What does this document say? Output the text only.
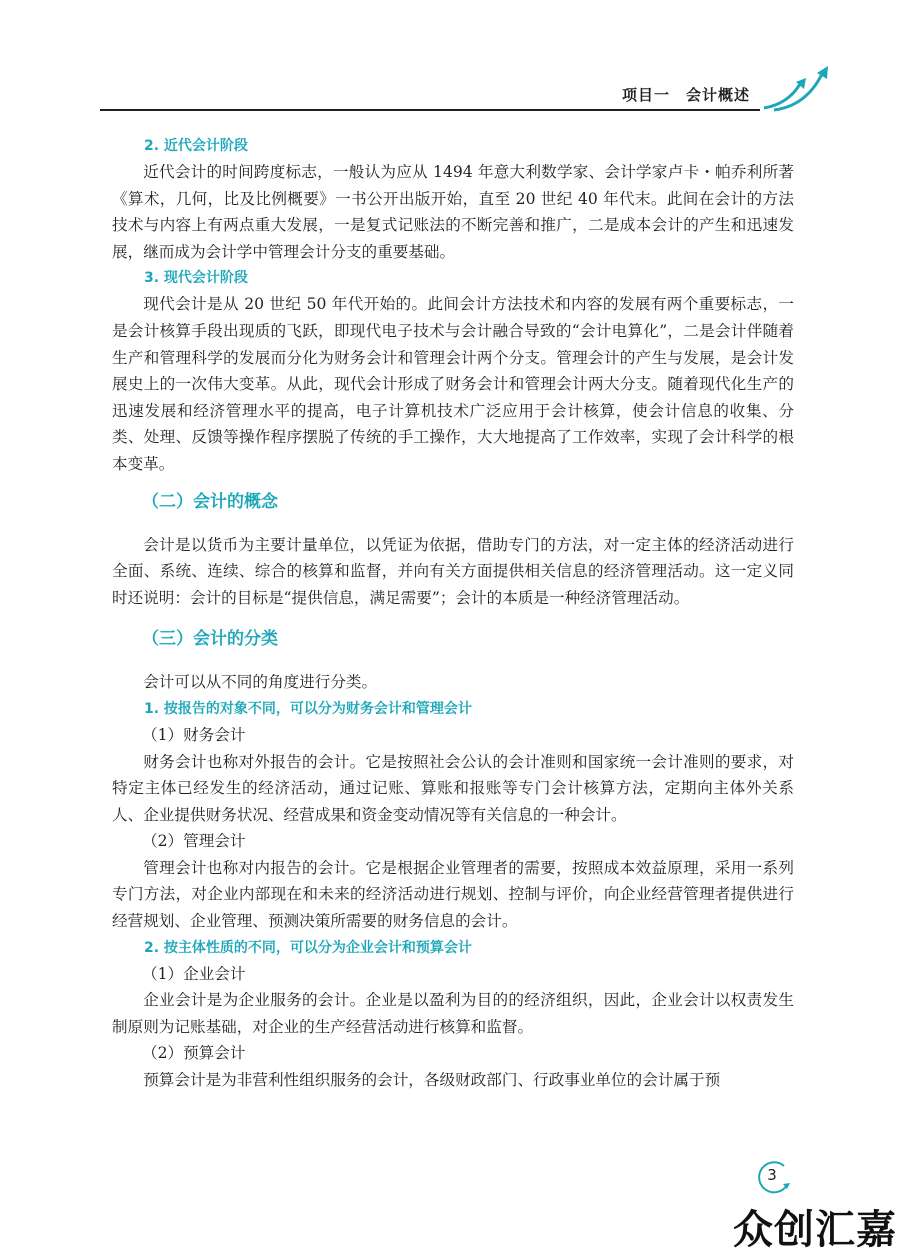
项目一　会计概述

2. 近代会计阶段

近代会计的时间跨度标志，一般认为应从 1494 年意大利数学家、会计学家卢卡・帕乔利所著《算术，几何，比及比例概要》一书公开出版开始，直至 20 世纪 40 年代末。此间在会计的方法技术与内容上有两点重大发展，一是复式记账法的不断完善和推广，二是成本会计的产生和迅速发展，继而成为会计学中管理会计分支的重要基础。

3. 现代会计阶段

现代会计是从 20 世纪 50 年代开始的。此间会计方法技术和内容的发展有两个重要标志，一是会计核算手段出现质的飞跃，即现代电子技术与会计融合导致的“会计电算化”，二是会计伴随着生产和管理科学的发展而分化为财务会计和管理会计两个分支。管理会计的产生与发展，是会计发展史上的一次伟大变革。从此，现代会计形成了财务会计和管理会计两大分支。随着现代化生产的迅速发展和经济管理水平的提高，电子计算机技术广泛应用于会计核算，使会计信息的收集、分类、处理、反馈等操作程序摆脱了传统的手工操作，大大地提高了工作效率，实现了会计科学的根本变革。

（二）会计的概念

会计是以货币为主要计量单位，以凭证为依据，借助专门的方法，对一定主体的经济活动进行全面、系统、连续、综合的核算和监督，并向有关方面提供相关信息的经济管理活动。这一定义同时还说明：会计的目标是“提供信息，满足需要”；会计的本质是一种经济管理活动。

（三）会计的分类

会计可以从不同的角度进行分类。

1. 按报告的对象不同，可以分为财务会计和管理会计

（1）财务会计

财务会计也称对外报告的会计。它是按照社会公认的会计准则和国家统一会计准则的要求，对特定主体已经发生的经济活动，通过记账、算账和报账等专门会计核算方法，定期向主体外关系人、企业提供财务状况、经营成果和资金变动情况等有关信息的一种会计。

（2）管理会计

管理会计也称对内报告的会计。它是根据企业管理者的需要，按照成本效益原理，采用一系列专门方法，对企业内部现在和未来的经济活动进行规划、控制与评价，向企业经营管理者提供进行经营规划、企业管理、预测决策所需要的财务信息的会计。

2. 按主体性质的不同，可以分为企业会计和预算会计

（1）企业会计

企业会计是为企业服务的会计。企业是以盈利为目的的经济组织，因此，企业会计以权责发生制原则为记账基础，对企业的生产经营活动进行核算和监督。

（2）预算会计

预算会计是为非营利性组织服务的会计，各级财政部门、行政事业单位的会计属于预

3
众创汇嘉
